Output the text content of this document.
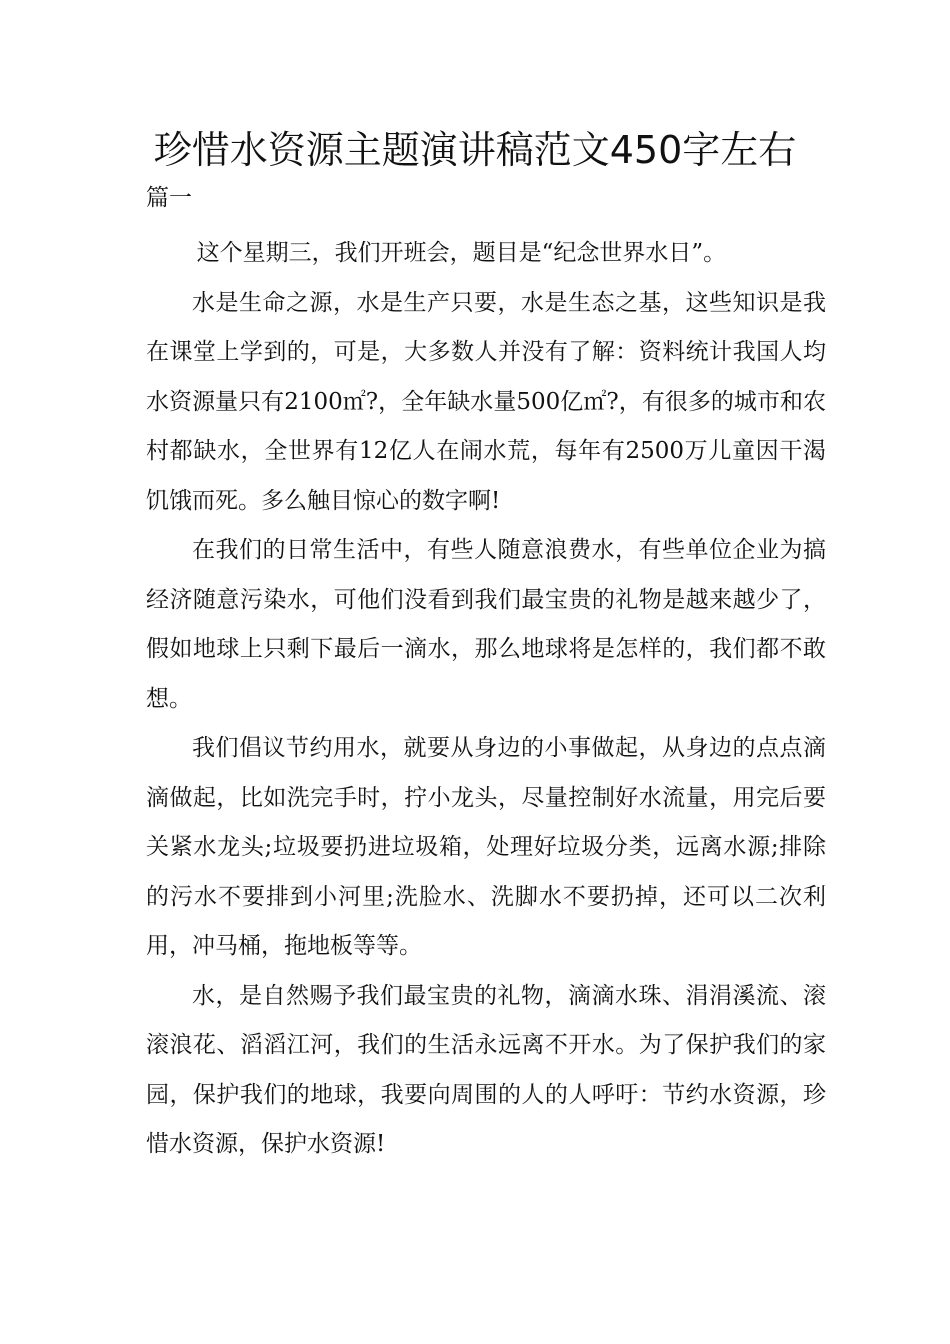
珍惜水资源主题演讲稿范文450字左右
篇一

这个星期三，我们开班会，题目是“纪念世界水日”。

水是生命之源，水是生产只要，水是生态之基，这些知识是我在课堂上学到的，可是，大多数人并没有了解：资料统计我国人均水资源量只有2100㎡?，全年缺水量500亿㎡?，有很多的城市和农村都缺水，全世界有12亿人在闹水荒，每年有2500万儿童因干渴饥饿而死。多么触目惊心的数字啊!

在我们的日常生活中，有些人随意浪费水，有些单位企业为搞经济随意污染水，可他们没看到我们最宝贵的礼物是越来越少了，假如地球上只剩下最后一滴水，那么地球将是怎样的，我们都不敢想。

我们倡议节约用水，就要从身边的小事做起，从身边的点点滴滴做起，比如洗完手时，拧小龙头，尽量控制好水流量，用完后要关紧水龙头;垃圾要扔进垃圾箱，处理好垃圾分类，远离水源;排除的污水不要排到小河里;洗脸水、洗脚水不要扔掉，还可以二次利用，冲马桶，拖地板等等。

水，是自然赐予我们最宝贵的礼物，滴滴水珠、涓涓溪流、滚滚浪花、滔滔江河，我们的生活永远离不开水。为了保护我们的家园，保护我们的地球，我要向周围的人的人呼吁：节约水资源，珍惜水资源，保护水资源!
